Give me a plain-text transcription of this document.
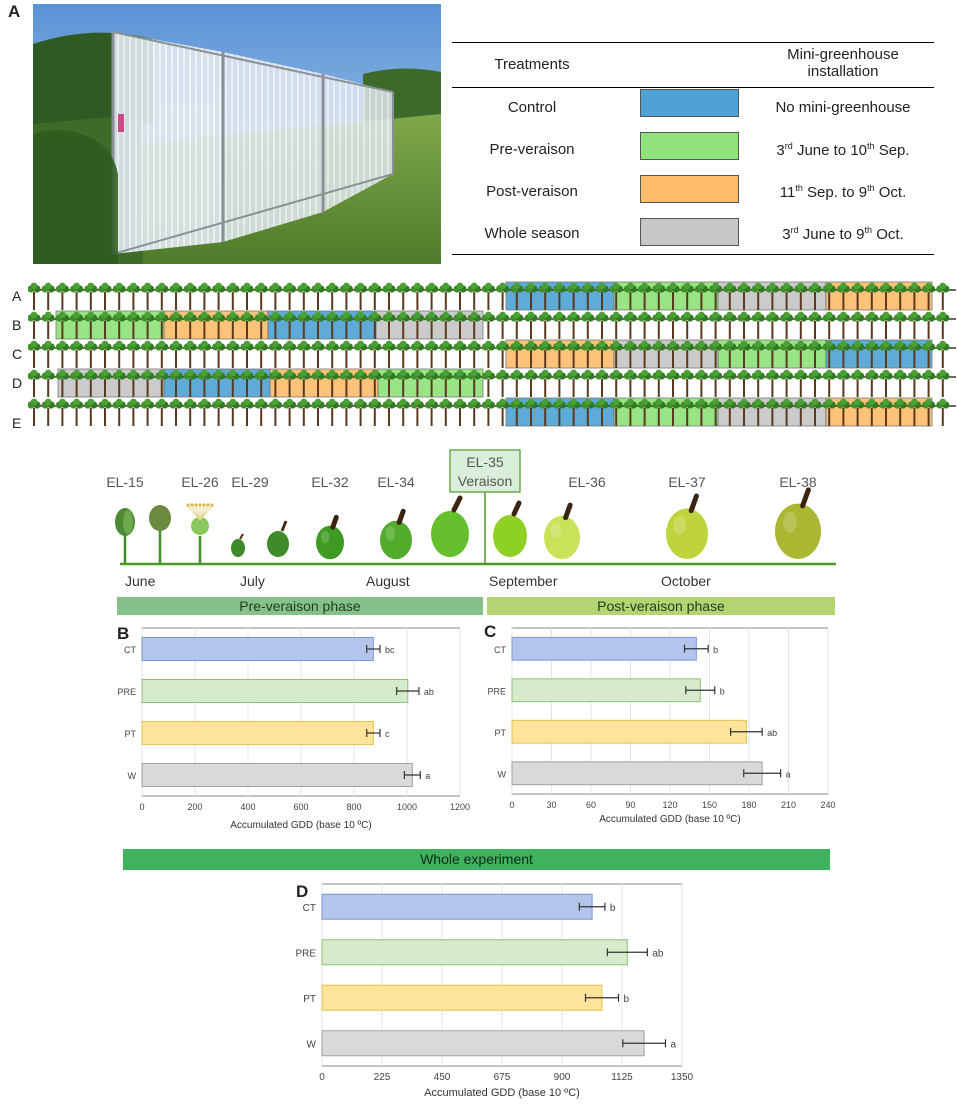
A
B	C
D
Treatments
Mini-greenhouse
installation
Control	No mini-greenhouse
Pre-veraison	3rd June to 10th Sep.
Post-veraison	11th Sep. to 9th Oct.
Whole season	3rd June to 9th Oct.
A
B
C
D
E
EL-35
Veraison
EL-15	EL-26 EL-29	EL-32 EL-34	EL-36	EL-37	EL-38
June	July	August	September	October
Pre-veraison phase	Post-veraison phase
0	200	400	600	800	1000	1200
bc
CT
ab
PRE
c
PT
a
W
Accumulated GDD (base 10 ºC)
0	30	60	90	120	150	180	210	240
b
CT
b
PRE
ab
PT
a
W
Accumulated GDD (base 10 ºC)
Whole experiment
0	225	450	675	900	1125	1350
b
CT
ab
PRE
b
PT
a
W
Accumulated GDD (base 10 ºC)
